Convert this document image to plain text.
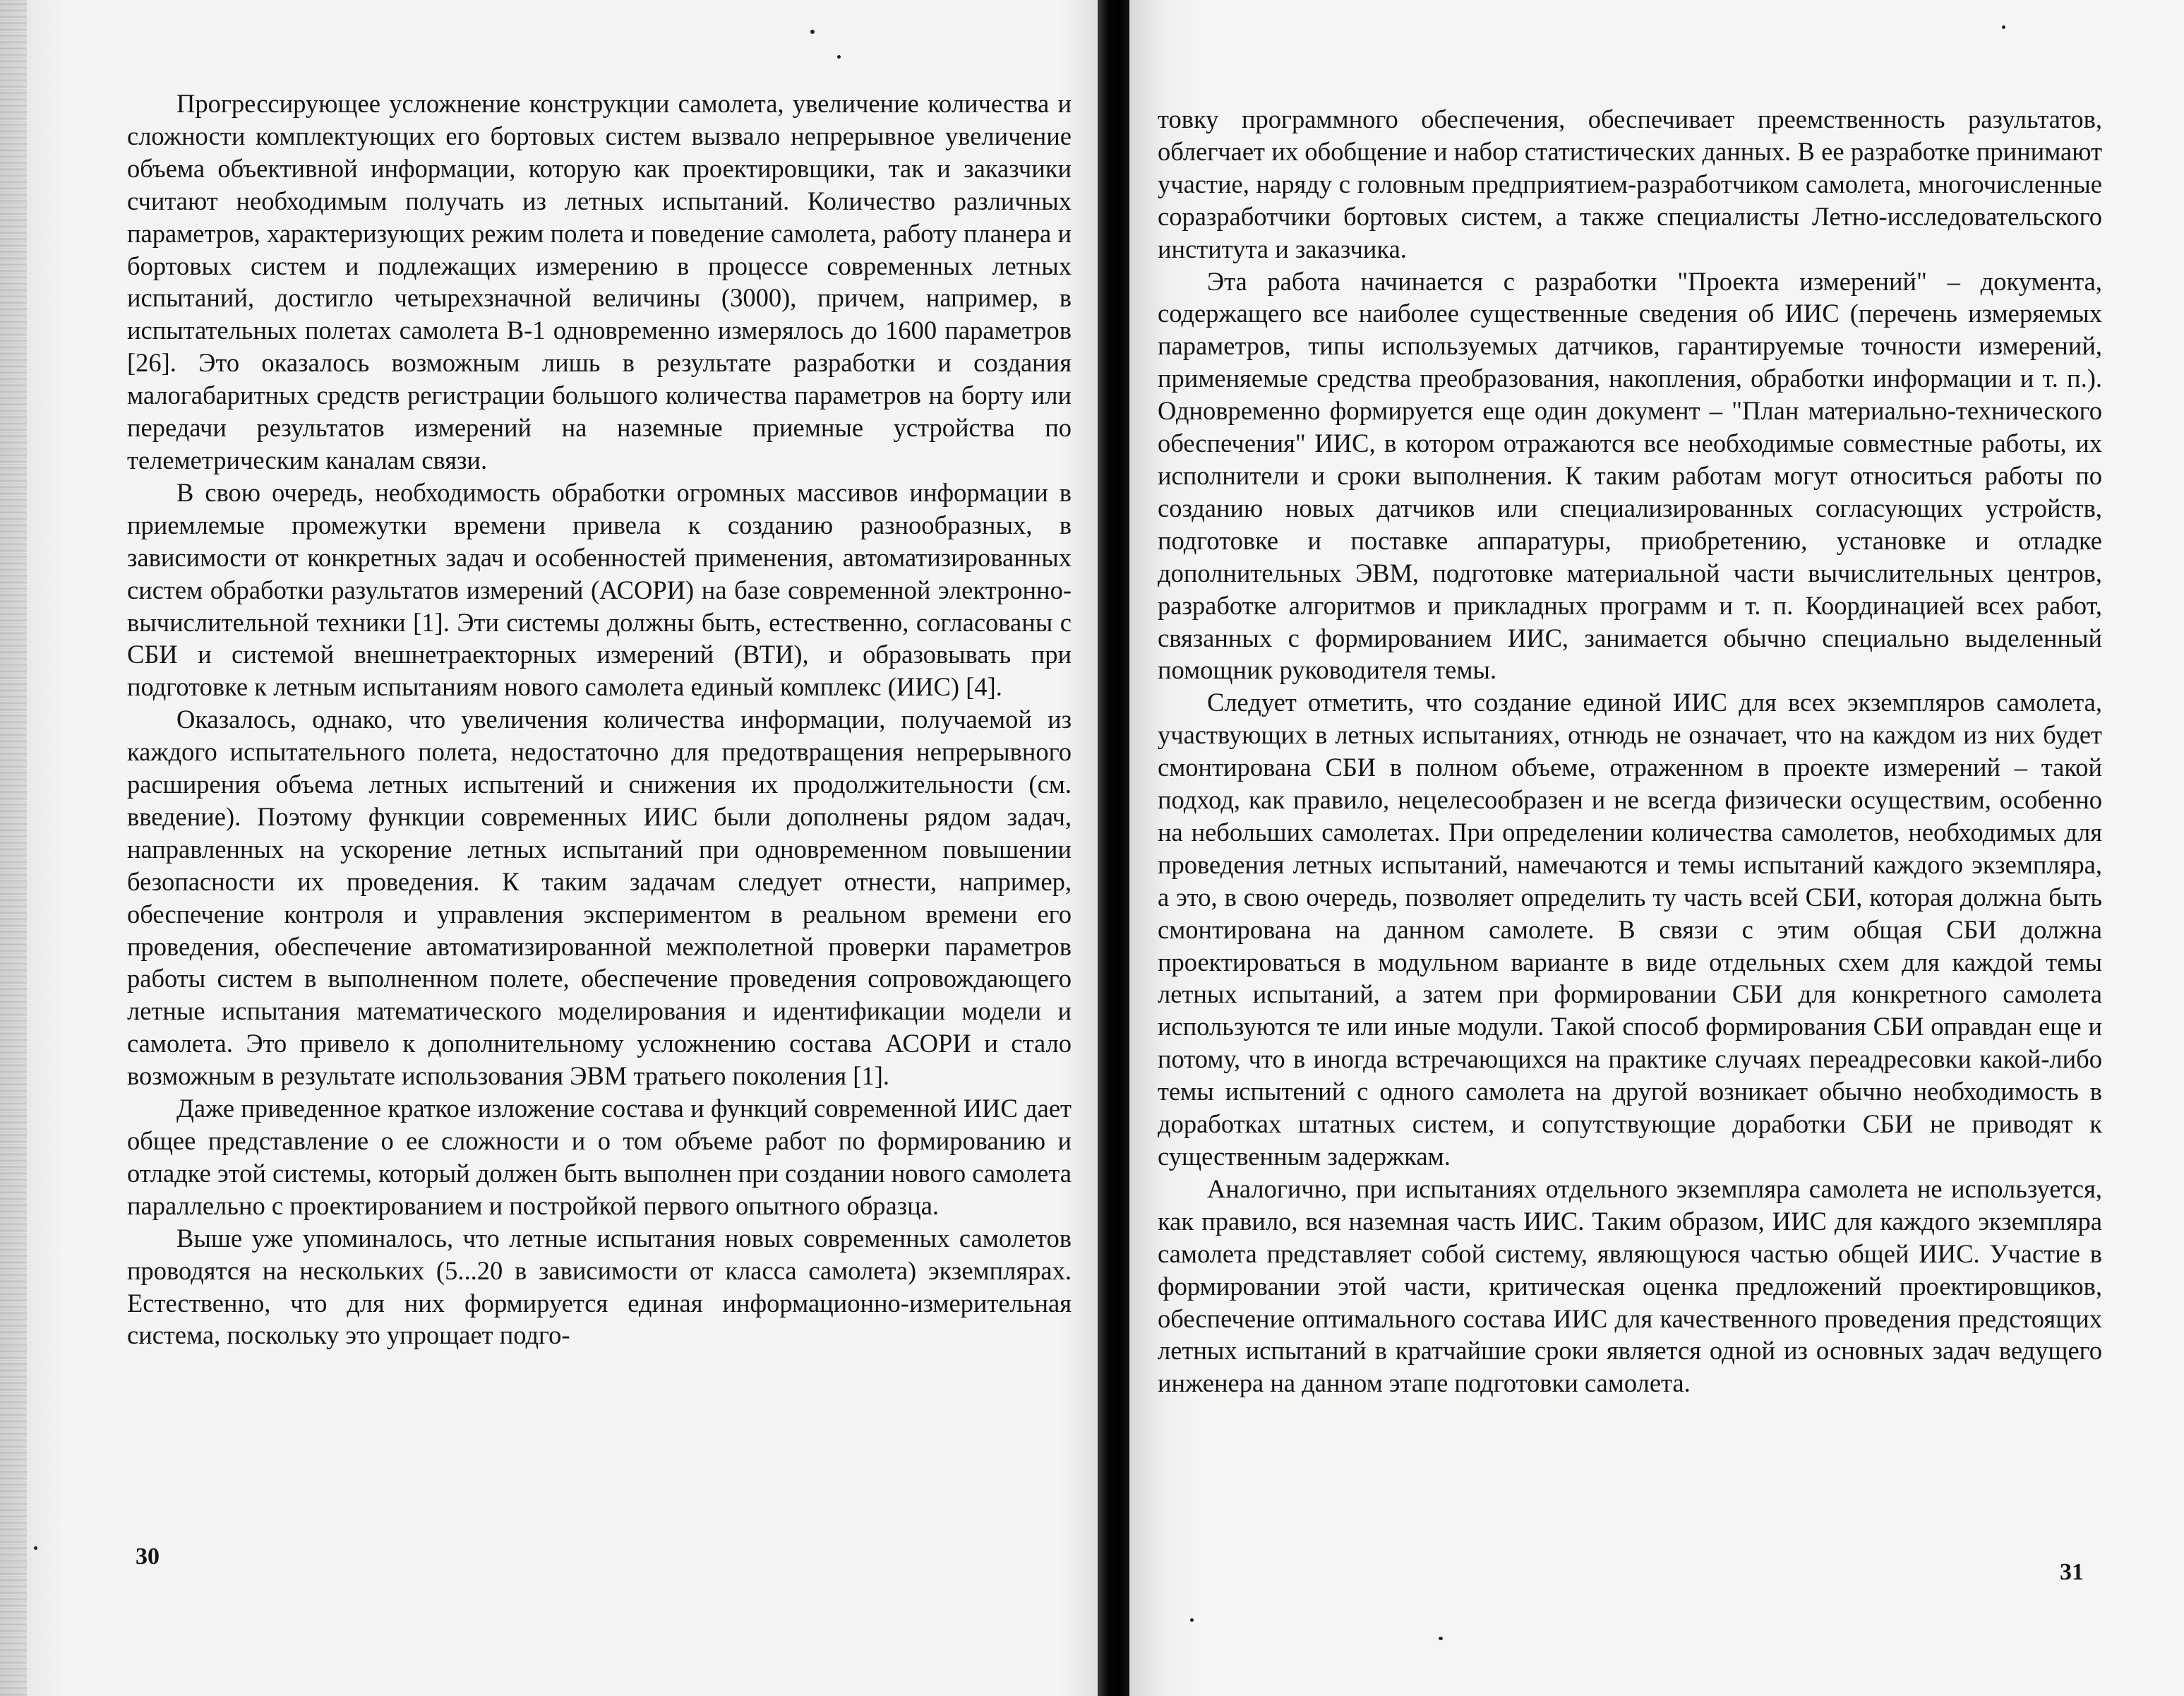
Прогрессирующее усложнение конструкции самолета, увеличение количества и сложности комплектующих его бортовых систем вызвало непрерывное увеличение объема объективной информации, которую как проектировщики, так и заказчики считают необходимым получать из летных испытаний. Количество различных параметров, характеризующих режим полета и поведение самолета, работу планера и бортовых систем и подлежащих измерению в процессе современных летных испытаний, достигло четырехзначной величины (3000), причем, например, в испытательных полетах самолета В-1 одновременно измерялось до 1600 параметров [26]. Это оказалось возможным лишь в результате разработки и создания малогабаритных средств регистрации большого количества параметров на борту или передачи результатов измерений на наземные приемные устройства по телеметрическим каналам связи.

В свою очередь, необходимость обработки огромных массивов информации в приемлемые промежутки времени привела к созданию разнообразных, в зависимости от конкретных задач и особенностей применения, автоматизированных систем обработки разультатов измерений (АСОРИ) на базе современной электронно-вычислительной техники [1]. Эти системы должны быть, естественно, согласованы с СБИ и системой внешнетраекторных измерений (ВТИ), и образовывать при подготовке к летным испытаниям нового самолета единый комплекс (ИИС) [4].

Оказалось, однако, что увеличения количества информации, получаемой из каждого испытательного полета, недостаточно для предотвращения непрерывного расширения объема летных испытений и снижения их продолжительности (см. введение). Поэтому функции современных ИИС были дополнены рядом задач, направленных на ускорение летных испытаний при одновременном повышении безопасности их проведения. К таким задачам следует отнести, например, обеспечение контроля и управления экспериментом в реальном времени его проведения, обеспечение автоматизированной межполетной проверки параметров работы систем в выполненном полете, обеспечение проведения сопровождающего летные испытания математического моделирования и идентификации модели и самолета. Это привело к дополнительному усложнению состава АСОРИ и стало возможным в результате использования ЭВМ тратьего поколения [1].

Даже приведенное краткое изложение состава и функций современной ИИС дает общее представление о ее сложности и о том объеме работ по формированию и отладке этой системы, который должен быть выполнен при создании нового самолета параллельно с проектированием и постройкой первого опытного образца.

Выше уже упоминалось, что летные испытания новых современных самолетов проводятся на нескольких (5...20 в зависимости от класса самолета) экземплярах. Естественно, что для них формируется единая информационно-измерительная система, поскольку это упрощает подго-

30

товку программного обеспечения, обеспечивает преемственность разультатов, облегчает их обобщение и набор статистических данных. В ее разработке принимают участие, наряду с головным предприятием-разработчиком самолета, многочисленные соразработчики бортовых систем, а также специалисты Летно-исследовательского института и заказчика.

Эта работа начинается с разработки "Проекта измерений" – документа, содержащего все наиболее существенные сведения об ИИС (перечень измеряемых параметров, типы используемых датчиков, гарантируемые точности измерений, применяемые средства преобразования, накопления, обработки информации и т. п.). Одновременно формируется еще один документ – "План материально-технического обеспечения" ИИС, в котором отражаются все необходимые совместные работы, их исполнители и сроки выполнения. К таким работам могут относиться работы по созданию новых датчиков или специализированных согласующих устройств, подготовке и поставке аппаратуры, приобретению, установке и отладке дополнительных ЭВМ, подготовке материальной части вычислительных центров, разработке алгоритмов и прикладных программ и т. п. Координацией всех работ, связанных с формированием ИИС, занимается обычно специально выделенный помощник руководителя темы.

Следует отметить, что создание единой ИИС для всех экземпляров самолета, участвующих в летных испытаниях, отнюдь не означает, что на каждом из них будет смонтирована СБИ в полном объеме, отраженном в проекте измерений – такой подход, как правило, нецелесообразен и не всегда физически осуществим, особенно на небольших самолетах. При определении количества самолетов, необходимых для проведения летных испытаний, намечаются и темы испытаний каждого экземпляра, а это, в свою очередь, позволяет определить ту часть всей СБИ, которая должна быть смонтирована на данном самолете. В связи с этим общая СБИ должна проектироваться в модульном варианте в виде отдельных схем для каждой темы летных испытаний, а затем при формировании СБИ для конкретного самолета используются те или иные модули. Такой способ формирования СБИ оправдан еще и потому, что в иногда встречающихся на практике случаях переадресовки какой-либо темы испытений с одного самолета на другой возникает обычно необходимость в доработках штатных систем, и сопутствующие доработки СБИ не приводят к существенным задержкам.

Аналогично, при испытаниях отдельного экземпляра самолета не используется, как правило, вся наземная часть ИИС. Таким образом, ИИС для каждого экземпляра самолета представляет собой систему, являющуюся частью общей ИИС. Участие в формировании этой части, критическая оценка предложений проектировщиков, обеспечение оптимального состава ИИС для качественного проведения предстоящих летных испытаний в кратчайшие сроки является одной из основных задач ведущего инженера на данном этапе подготовки самолета.

31
